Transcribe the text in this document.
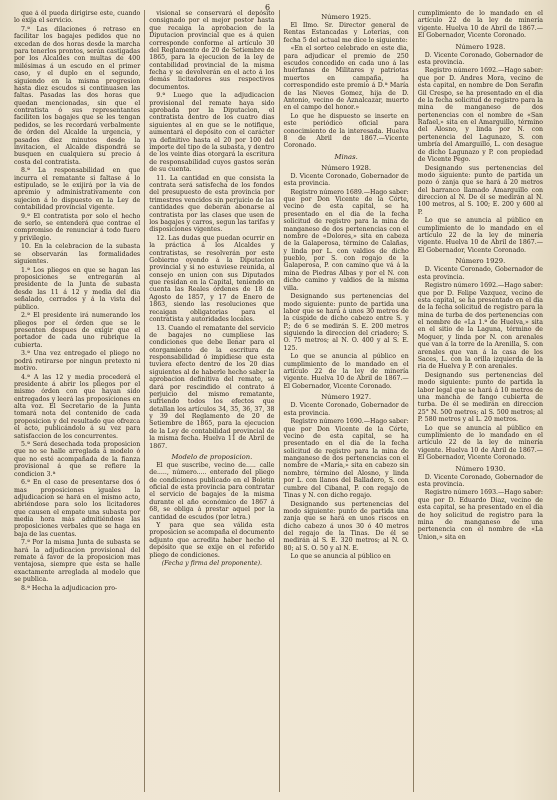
6

que á él pueda dirigirse este, cuando lo exija el servicio.

7.ª Las dilaciones ó retraso en facilitar los bagajes pedidos que no excedan de dos horas desde la marcha para tenerlos prontos, serán castigadas por los Alcaldes con multas de 400 milésimas á un escudo en el primer caso, y el duplo en el segundo, siguiendo en la misma progresion hasta diez escudos si continuasen las faltas. Pasadas las dos horas que quedan mencionadas, sin que el contratista ó sus representantes faciliten los bagajes que se les tengan pedidos, se les recordará verbalmente de órden del Alcalde la urgencia, y pasados diez minutos desde la invitacion, el Alcalde dispondrá se busquen en cualquiera su precio á costa del contratista.

8.ª La responsabilidad en que incurra el rematante si faltase á lo estipulado, se le exijirá por la via de apremio y administrativamente con sujecion á lo dispuesto en la Ley de contabilidad provincial vigente.

9.ª El contratista por solo el hecho de serlo, se entenderá que contrae el compromiso de renunciar á todo fuero y privilegio.

10. En la celebracion de la subasta se observarán las formalidades siguientes.

1.ª Los pliegos en que se hagan las proposiciones se entregarán al presidente de la Junta de subasta desde las 11 á 12 y media del dia señalado, cerrados y á la vista del público.

2.ª El presidente irá numerando los pliegos por el órden que se le presenten despues de exigir que el portador de cada uno rubrique la cubierta.

3.ª Una vez entregado el pliego no podrá retirarse por ningun pretexto ni motivo.

4.ª A las 12 y media procederá el presidente á abrir los pliegos por el mismo órden con que hayan sido entregados y leerá las proposiciones en alta voz. El Secretario de la Junta tomará nota del contenido de cada proposicion y del resultado que ofrezca el acto, publicándolo á su vez para satisfaccion de los concurrentes.

5.ª Será desechada toda proposicion que no se halle arreglada á modelo ó que no esté acompañada de la fianza provisional á que se refiere la condicion 3.ª

6.ª En el caso de presentarse dos ó mas proposiciones iguales la adjudicacion se hará en el mismo acto, abriéndose para solo los licitadores que causen el empate una subasta por media hora más admitiéndose las proposiciones verbales que se haga en baja de las cuentas.

7.ª Por la misma Junta de subasta se hará la adjudicacion provisional del remate á favor de la proposicion mas ventajosa, siempre que esta se halle exactamente arreglada al modelo que se publica.

8.ª Hecha la adjudicacion pro-

visional se conservará el depósito consignado por el mejor postor hasta que recaiga la aprobacion de la Diputacion provincial que es á quien corresponde conforme al artículo 30 del Reglamento de 20 de Setiembre de 1865, para la ejecucion de la ley de contabilidad provincial de la misma fecha y se devolverán en el acto á los demás licitadores sus respectivos documentos.

9.ª Luego que la adjudicacion provisional del remate haya sido aprobada por la Diputacion, el contratista dentro de los cuatro dias siguientes al en que se le notifique, aumentará el depósito con el carácter ya definitivo hasta el 20 por 100 del importe del tipo de la subasta, y dentro de los veinte dias otorgará la escritura de responsabilidad cuyos gastos serán de su cuenta.

11. La cantidad en que consista la contrata será satisfecha de los fondos del presupuesto de esta provincia por trimestres vencidos sin perjuicio de las cantidades que deberán abonarse al contratista por las clases que usen de los bagajes y carros, segun las tarifas y disposiciones vigentes.

12. Las dudas que puedan ocurrir en la práctica á los Alcaldes y contratistas, se resolverán por este Gobierno oyendo á la Diputacion provincial y si no estuviese reunida, al consejo en union con sus Diputados que residan en la Capital, teniendo en cuenta las Reales órdenes de 18 de Agosto de 1857, y 17 de Enero de 1863, siendo las resoluciones que recaigan obligatorias para el contratista y autoridades locales.

13. Cuando el rematante del servicio de bagajes no cumpliese las condiciones que debe llenar para el otorgamiento de la escritura de responsabilidad ó impidiese que esta tuviera efecto dentro de los 20 dias siguientes al de haberle hecho saber la aprobacion definitiva del remate, se dará por rescindido el contrato á perjuicio del mismo rematante, sufriendo todos los efectos que detallan los artículos 34, 35, 36, 37, 38 y 39 del Reglamento de 20 de Setiembre de 1865, para la ejecucion de la Ley de contabilidad provincial de la misma fecha. Huelva 11 de Abril de 1867.

Modelo de proposicion.

El que suscribe, vecino de..... calle de....., número..... enterado del pliego de condiciones publicado en el Boletin oficial de esta provincia para contratar el servicio de bagajes de la misma durante el año económico de 1867 á 68, se obliga á prestar aquel por la cantidad de escudos (por letra.)

Y para que sea válida esta proposicion se acompaña el documento adjunto que acredita haber hecho el depósito que se exije en el referido pliego de condiciones.

(Fecha y firma del proponente).

Número 1925.

El Ilmo. Sr. Director general de Rentas Estancadas y Loterias, con fecha 5 del actual me dice lo siguiente:

«En el sorteo celebrado en este dia, para adjudicar el premio de 250 escudos concedido en cada uno á las huérfanas de Militares y patriotas muertos en campaña, ha correspondido este premio á D.ª María de las Nieves Gomez, hija de D. Antonio, vecino de Aznalcazar, muerto en el campo del honor.»

Lo que he dispuesto se inserte en este periódico oficial para conocimiento de la interesada. Huelva 8 de Abril de 1867.—Vicente Coronado.

Minas.

Número 1928.

D. Vicente Coronado, Gobernador de esta provincia.

Registro número 1689.—Hago saber: que por Don Vicente de la Córte, vecino de esta capital, se ha presentado en el dia de la fecha solicitud de registro para la mina de manganeso de dos pertenencias con el nombre de «Dolores,» sita en cabeza de la Galaperosa, término de Calañas, y linda por L. con valdios de dicho pueblo, por S. con rogajo de la Galaperosa, P. con camino que vá á la mina de Piedras Albas y por el N. con dicho camino y valdios de la misma villa.

Designando sus pertenencias del modo siguiente: punto de partida una labor que se hará á unos 30 metros de la cúspide de dicho cabezo entre S. y P.; de 6 se medirán S. E. 200 metros siguiendo la direccion del criadero; S. O. 75 metros; al N. O. 400 y al S. E. 125.

Lo que se anuncia al público en cumplimiento de lo mandado en el artículo 22 de la ley de minería vigente. Huelva 10 de Abril de 1867.—El Gobernador, Vicente Coronado.

Número 1927.

D. Vicente Coronado, Gobernador de esta provincia.

Registro número 1690.—Hago saber: que por Don Vicente de la Córte, vecino de esta capital, se ha presentado en el dia de la fecha solicitud de registro para la mina de manganeso de dos pertenencias con el nombre de «María,» sita en cabezo sin nombre, término del Alosno, y linda por L. con llanos del Balladero, S. con cumbre del Cibanal, P. con regajo de Tinas y N. con dicho regajo.

Designando sus pertenencias del modo siguiente: punto de partida una zanja que se hará en unos riscos en dicho cabezo á unos 30 ó 40 metros del regajo de la Tinas. De él se medirán al S. E. 320 metros; al N. O. 80; al S. O. 50 y al N. E.

Lo que se anuncia al público en

cumplimiento de lo mandado en el artículo 22 de la ley de minería vigente. Huelva 10 de Abril de 1867.—El Gobernador, Vicente Coronado.

Número 1928.

D. Vicente Coronado, Gobernador de esta provincia.

Registro número 1692.—Hago saber: que por D. Andres Mora, vecino de esta capital, en nombre de Don Serafin Gil Crespo, se ha presentado en el dia de la fecha solicitud de registro para la mina de manganeso de dos pertenencias con el nombre de «San Rafael,» sita en el Amarguillo, término del Alosno, y linda por N. con pertenencia del Lagunazo, S. con umbría del Amarguillo, L. con desague de dicho Lagunazo y P. con propiedad de Vicente Pego.

Designando sus pertenencias del modo siguiente: punto de partida un pozo ó zanja que se hará á 20 metros del barranco llamado Amarguillo con direccion al N. De él se medirán al N. 100 metros, al S. 100; E. 200 y 600 al P.

Lo que se anuncia al público en cumplimiento de lo mandado en el artículo 22 de la ley de minería vigente. Huelva 10 de Abril de 1867.—El Gobernador, Vicente Coronado.

Número 1929.

D. Vicente Coronado, Gobernador de esta provincia.

Registro número 1692.—Hago saber: que por D. Felipe Vazquez, vecino de esta capital, se ha presentado en el dia de la fecha solicitud de registro para la mina de turba de dos pertenencias con el nombre de «La 1.ª de Huelva,» sita en el sitio de la Laguna, término de Moguer, y linda por N. con arenales que van á la torre de la Arenilla, S. con arenales que van á la casa de los Saces, L. con la orilla izquierda de la ria de Huelva y P. con arenales.

Designando sus pertenencias del modo siguiente: punto de partida la labor legal que se hará á 10 metros de una mancha de fango cubierta de turba. De él se medirán en direccion 25° N. 500 metros; al S. 500 metros; al P. 580 metros y al L. 20 metros.

Lo que se anuncia al público en cumplimiento de lo mandado en el artículo 22 de la ley de minería vigente. Huelva 10 de Abril de 1867.—El Gobernador, Vicente Coronado.

Número 1930.

D. Vicente Coronado, Gobernador de esta provincia.

Registro número 1693.—Hago saber: que por D. Eduardo Diaz, vecino de esta capital, se ha presentado en el dia de hoy solicitud de registro para la mina de manganeso de una pertenencia con el nombre de «La Union,» sita en
